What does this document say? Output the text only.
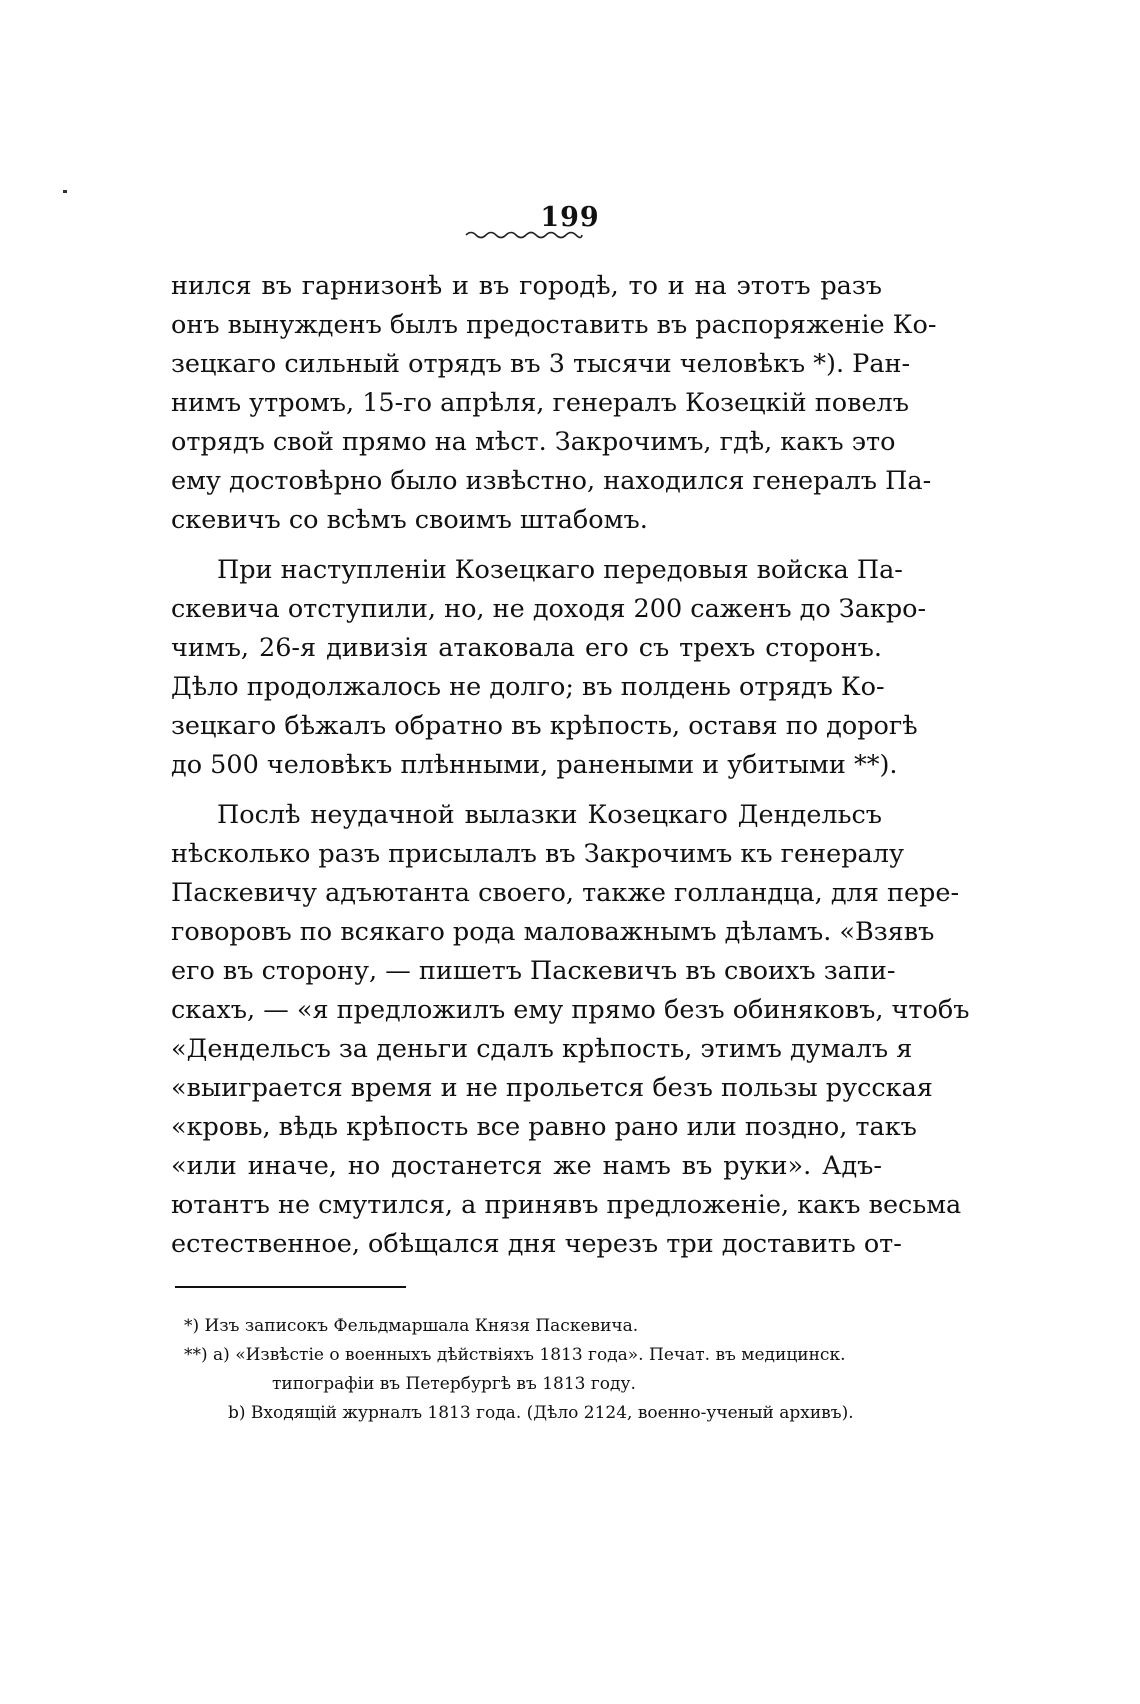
199
нился въ гарнизонѣ и въ городѣ, то и на этотъ разъ
онъ вынужденъ былъ предоставить въ распоряженіе Ко-
зецкаго сильный отрядъ въ 3 тысячи человѣкъ *). Ран-
нимъ утромъ, 15-го апрѣля, генералъ Козецкій повелъ
отрядъ свой прямо на мѣст. Закрочимъ, гдѣ, какъ это
ему достовѣрно было извѣстно, находился генералъ Па-
скевичъ со всѣмъ своимъ штабомъ.
При наступленіи Козецкаго передовыя войска Па-
скевича отступили, но, не доходя 200 саженъ до Закро-
чимъ, 26-я дивизія атаковала его съ трехъ сторонъ.
Дѣло продолжалось не долго; въ полдень отрядъ Ко-
зецкаго бѣжалъ обратно въ крѣпость, оставя по дорогѣ
до 500 человѣкъ плѣнными, ранеными и убитыми **).
Послѣ неудачной вылазки Козецкаго Дендельсъ
нѣсколько разъ присылалъ въ Закрочимъ къ генералу
Паскевичу адъютанта своего, также голландца, для пере-
говоровъ по всякаго рода маловажнымъ дѣламъ. «Взявъ
его въ сторону, — пишетъ Паскевичъ въ своихъ запи-
скахъ, — «я предложилъ ему прямо безъ обиняковъ, чтобъ
«Дендельсъ за деньги сдалъ крѣпость, этимъ думалъ я
«выиграется время и не прольется безъ пользы русская
«кровь, вѣдь крѣпость все равно рано или поздно, такъ
«или иначе, но достанется же намъ въ руки». Адъ-
ютантъ не смутился, а принявъ предложеніе, какъ весьма
естественное, обѣщался дня черезъ три доставить от-
*) Изъ записокъ Фельдмаршала Князя Паскевича.
**) a) «Извѣстіе о военныхъ дѣйствіяхъ 1813 года». Печат. въ медицинск.
типографіи въ Петербургѣ въ 1813 году.
b) Входящій журналъ 1813 года. (Дѣло 2124, военно-ученый архивъ).
